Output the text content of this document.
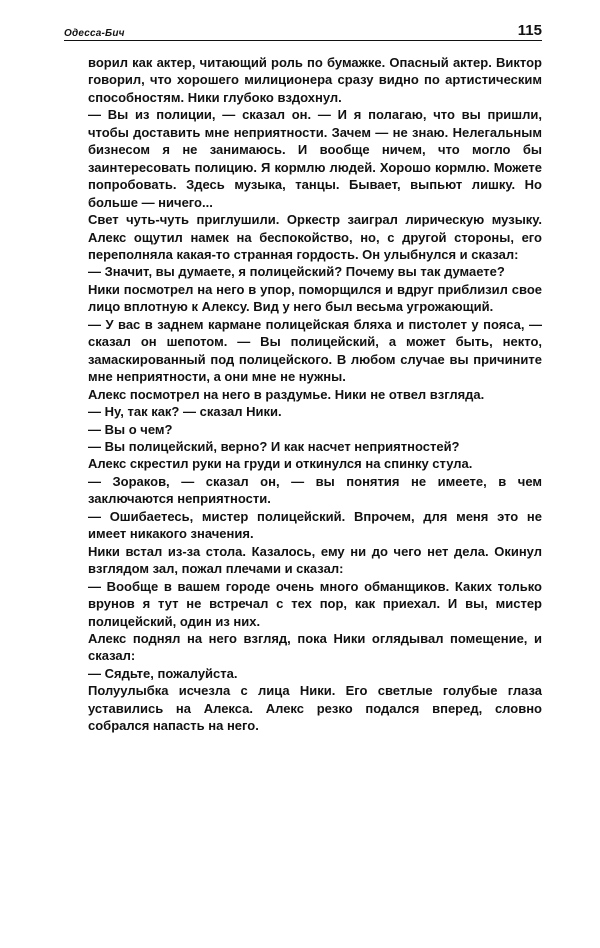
Одесса-Бич	115

ворил как актер, читающий роль по бумажке. Опасный актер. Виктор говорил, что хорошего милиционера сразу видно по артистическим способностям. Ники глубоко вздохнул.

— Вы из полиции, — сказал он. — И я полагаю, что вы пришли, чтобы доставить мне неприятности. Зачем — не знаю. Нелегальным бизнесом я не занимаюсь. И вообще ничем, что могло бы заинтересовать полицию. Я кормлю людей. Хорошо кормлю. Можете попробовать. Здесь музыка, танцы. Бывает, выпьют лишку. Но больше — ничего...

Свет чуть-чуть приглушили. Оркестр заиграл лирическую музыку. Алекс ощутил намек на беспокойство, но, с другой стороны, его переполняла какая-то странная гордость. Он улыбнулся и сказал:

— Значит, вы думаете, я полицейский? Почему вы так думаете?

Ники посмотрел на него в упор, поморщился и вдруг приблизил свое лицо вплотную к Алексу. Вид у него был весьма угрожающий.

— У вас в заднем кармане полицейская бляха и пистолет у пояса, — сказал он шепотом. — Вы полицейский, а может быть, некто, замаскированный под полицейского. В любом случае вы причините мне неприятности, а они мне не нужны.

Алекс посмотрел на него в раздумье. Ники не отвел взгляда.

— Ну, так как? — сказал Ники.

— Вы о чем?

— Вы полицейский, верно? И как насчет неприятностей?

Алекс скрестил руки на груди и откинулся на спинку стула.

— Зораков, — сказал он, — вы понятия не имеете, в чем заключаются неприятности.

— Ошибаетесь, мистер полицейский. Впрочем, для меня это не имеет никакого значения.

Ники встал из-за стола. Казалось, ему ни до чего нет дела. Окинул взглядом зал, пожал плечами и сказал:

— Вообще в вашем городе очень много обманщиков. Каких только врунов я тут не встречал с тех пор, как приехал. И вы, мистер полицейский, один из них.

Алекс поднял на него взгляд, пока Ники оглядывал помещение, и сказал:

— Сядьте, пожалуйста.

Полуулыбка исчезла с лица Ники. Его светлые голубые глаза уставились на Алекса. Алекс резко подался вперед, словно собрался напасть на него.
